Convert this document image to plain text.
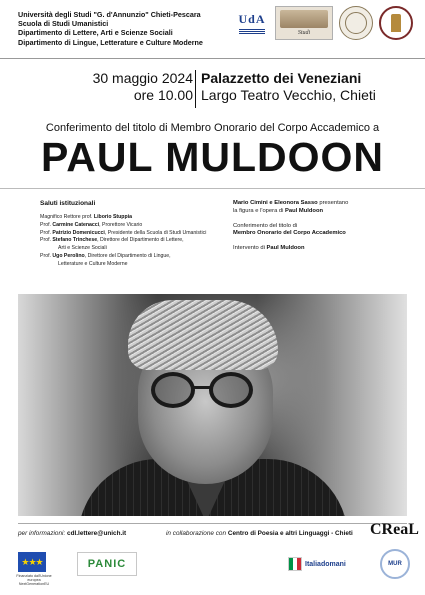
Università degli Studi "G. d'Annunzio" Chieti-Pescara
Scuola di Studi Umanistici
Dipartimento di Lettere, Arti e Scienze Sociali
Dipartimento di Lingue, Letterature e Culture Moderne
UdA
Studi
30 maggio 2024
ore 10.00
Palazzetto dei Veneziani
Largo Teatro Vecchio, Chieti
Conferimento del titolo di Membro Onorario del Corpo Accademico a
PAUL MULDOON
Saluti istituzionali
Magnifico Rettore prof. Liborio Stuppia
Prof. Carmine Catenacci, Prorettore Vicario
Prof. Patrizio Domenicucci, Presidente della Scuola di Studi Umanistici
Prof. Stefano Trinchese, Direttore del Dipartimento di Lettere,
Arti e Scienze Sociali
Prof. Ugo Perolino, Direttore del Dipartimento di Lingue,
Letterature e Culture Moderne
Mario Cimini e Eleonora Sasso presentano
la figura e l'opera di Paul Muldoon
Conferimento del titolo di
Membro Onorario del Corpo Accademico
Intervento di Paul Muldoon
per informazioni: cdl.lettere@unich.it	in collaborazione con Centro di Poesia e altri Linguaggi - Chieti CReaL
★★★
Finanziato dall'Unione europea NextGenerationEU
PANIC	Italiadomani	MUR
